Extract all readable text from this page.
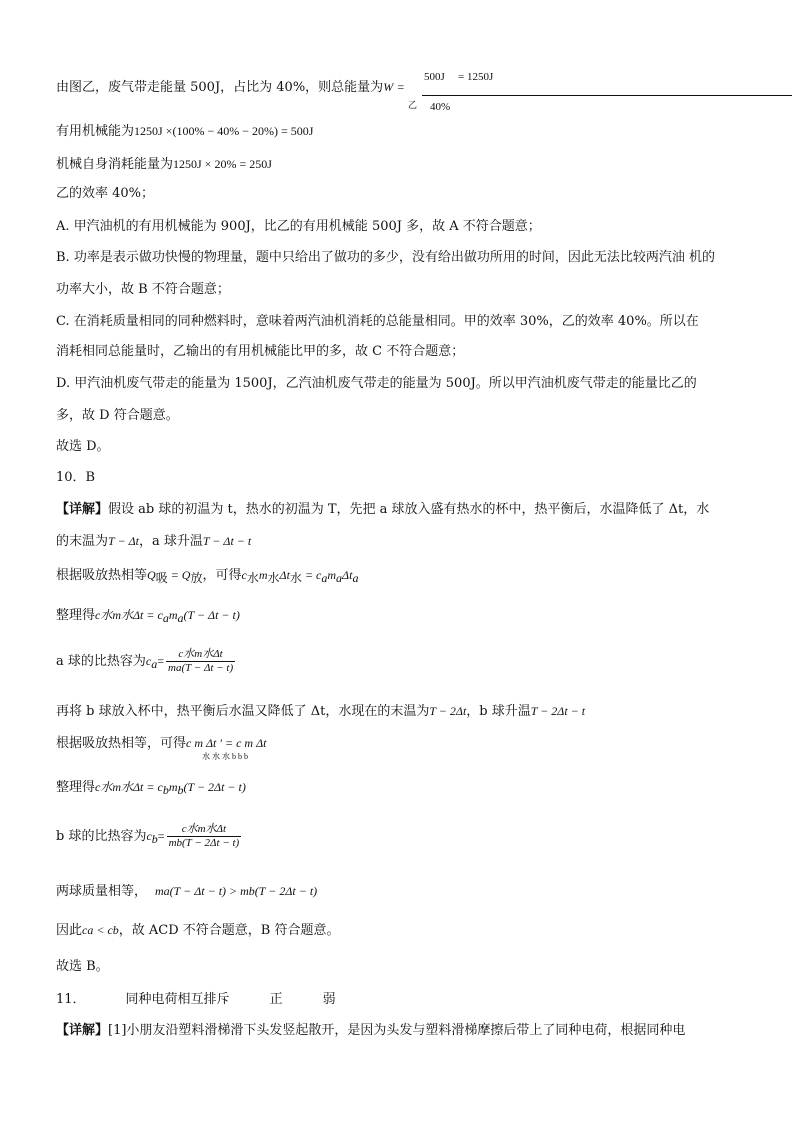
由图乙，废气带走能量 500J，占比为 40%，则总能量为W =
500J = 1250J
乙 40%
有用机械能为1250J ×(100% − 40% − 20%) = 500J
机械自身消耗能量为1250J × 20% = 250J
乙的效率 40%；
A. 甲汽油机的有用机械能为 900J，比乙的有用机械能 500J 多，故 A 不符合题意；
B. 功率是表示做功快慢的物理量，题中只给出了做功的多少，没有给出做功所用的时间，因此无法比较两汽油 机的
功率大小，故 B 不符合题意；
C. 在消耗质量相同的同种燃料时，意味着两汽油机消耗的总能量相同。甲的效率 30%，乙的效率 40%。所以在
消耗相同总能量时，乙输出的有用机械能比甲的多，故 C 不符合题意；
D. 甲汽油机废气带走的能量为 1500J，乙汽油机废气带走的能量为 500J。所以甲汽油机废气带走的能量比乙的
多，故 D 符合题意。
故选 D。
10．B
【详解】假设 ab 球的初温为 t，热水的初温为 T，先把 a 球放入盛有热水的杯中，热平衡后，水温降低了 Δt，水
的末温为T − Δt，a 球升温T − Δt − t
根据吸放热相等$Q_吸 = Q_放$，可得$c_水m_水\Delta t_水 = c_am_a\Delta t_a$
整理得c水m水$\Delta t = c_am_a(T - \Delta t - t)$
a 球的比热容为$c_a= \frac{\text{c水m水Δt}}{ma(T - \Delta t - t)}$
再将 b 球放入杯中，热平衡后水温又降低了 Δt，水现在的末温为T − 2Δt，b 球升温T − 2Δt − t
根据吸放热相等，可得c m Δt ′ = c m Δt
水 水 水 b b b
整理得c水m水$\Delta t = c_bm_b(T - 2\Delta t - t)$
b 球的比热容为$c_b= \frac{\text{c水m水Δt}}{mb(T - 2\Delta t - t)}$
两球质量相等， ma(T − Δt − t) > mb(T − 2Δt − t)
因此ca < cb，故 ACD 不符合题意，B 符合题意。
故选 B。
11．	同种电荷相互排斥	正	弱
【详解】[1]小朋友沿塑料滑梯滑下头发竖起散开，是因为头发与塑料滑梯摩擦后带上了同种电荷，根据同种电
